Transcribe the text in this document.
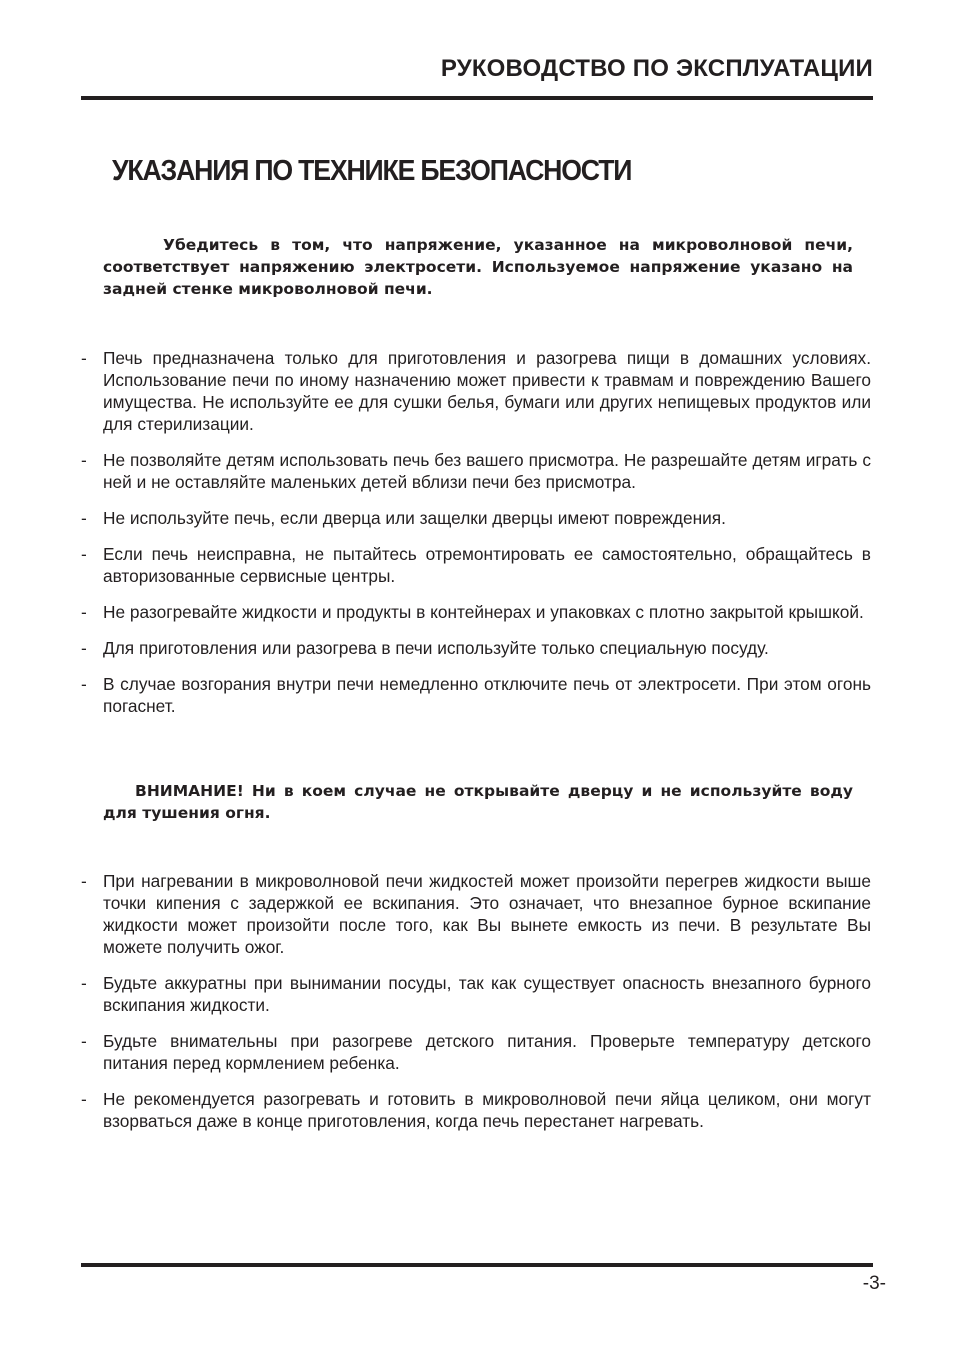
РУКОВОДСТВО ПО ЭКСПЛУАТАЦИИ
УКАЗАНИЯ ПО ТЕХНИКЕ БЕЗОПАСНОСТИ

Убедитесь в том, что напряжение, указанное на микроволновой печи, соответствует напряжению электросети. Используемое напряжение указано на задней стенке микроволновой печи.

- Печь предназначена только для приготовления и разогрева пищи в домашних условиях. Использование печи по иному назначению может привести к травмам и повреждению Вашего имущества. Не используйте ее для сушки белья, бумаги или других непищевых продуктов или для стерилизации.
- Не позволяйте детям использовать печь без вашего присмотра. Не разрешайте детям играть с ней и не оставляйте маленьких детей вблизи печи без присмотра.
- Не используйте печь, если дверца или защелки дверцы имеют повреждения.
- Если печь неисправна, не пытайтесь отремонтировать ее самостоятельно, обращайтесь в авторизованные сервисные центры.
- Не разогревайте жидкости и продукты в контейнерах и упаковках с плотно закрытой крышкой.
- Для приготовления или разогрева в печи используйте только специальную посуду.
- В случае возгорания внутри печи немедленно отключите печь от электросети. При этом огонь погаснет.

ВНИМАНИЕ! Ни в коем случае не открывайте дверцу и не используйте воду для тушения огня.

- При нагревании в микроволновой печи жидкостей может произойти перегрев жидкости выше точки кипения с задержкой ее вскипания. Это означает, что внезапное бурное вскипание жидкости может произойти после того, как Вы вынете емкость из печи. В результате Вы можете получить ожог.
- Будьте аккуратны при вынимании посуды, так как существует опасность внезапного бурного вскипания жидкости.
- Будьте внимательны при разогреве детского питания. Проверьте температуру детского питания перед кормлением ребенка.
- Не рекомендуется разогревать и готовить в микроволновой печи яйца целиком, они могут взорваться даже в конце приготовления, когда печь перестанет нагревать.
-3-
